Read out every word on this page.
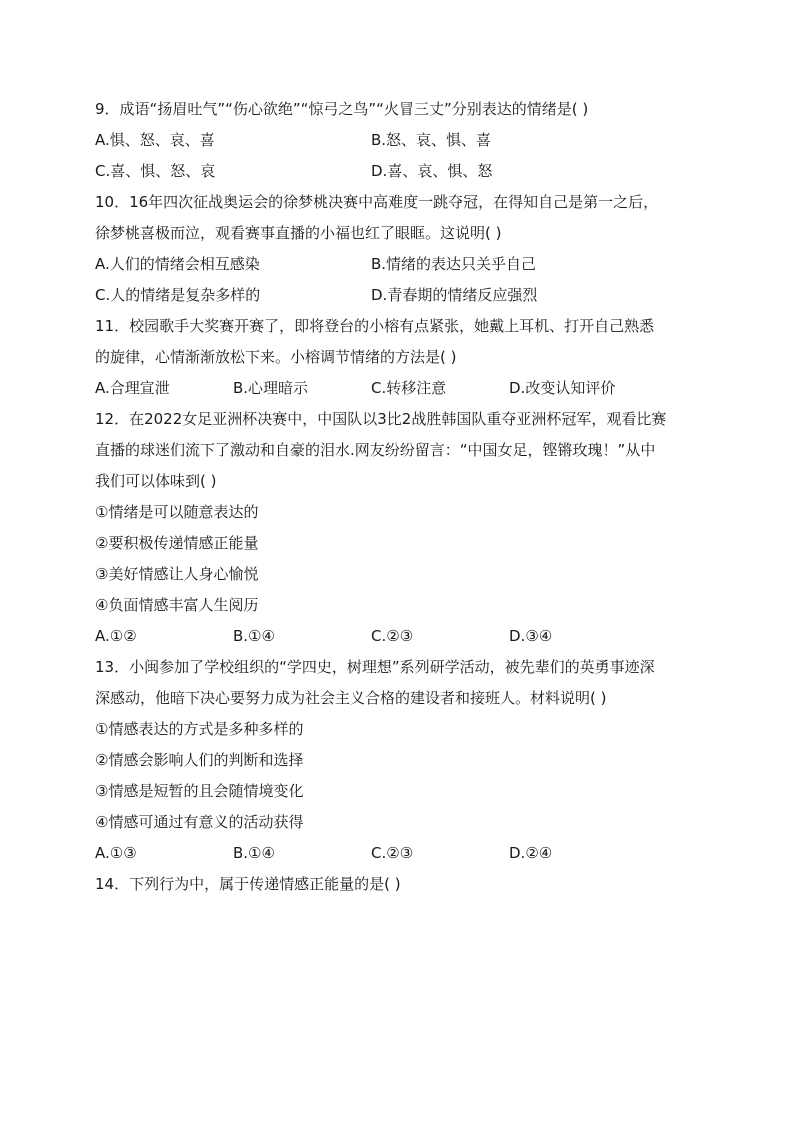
9．成语“扬眉吐气”“伤心欲绝”“惊弓之鸟”“火冒三丈”分别表达的情绪是( )
A.惧、怒、哀、喜	B.怒、哀、惧、喜
C.喜、惧、怒、哀	D.喜、哀、惧、怒
10．16年四次征战奥运会的徐梦桃决赛中高难度一跳夺冠，在得知自己是第一之后，
徐梦桃喜极而泣，观看赛事直播的小福也红了眼眶。这说明( )
A.人们的情绪会相互感染	B.情绪的表达只关乎自己
C.人的情绪是复杂多样的	D.青春期的情绪反应强烈
11．校园歌手大奖赛开赛了，即将登台的小榕有点紧张，她戴上耳机、打开自己熟悉
的旋律，心情渐渐放松下来。小榕调节情绪的方法是( )
A.合理宣泄	B.心理暗示	C.转移注意	D.改变认知评价
12．在2022女足亚洲杯决赛中，中国队以3比2战胜韩国队重夺亚洲杯冠军，观看比赛
直播的球迷们流下了激动和自豪的泪水.网友纷纷留言：“中国女足，铿锵玫瑰！”从中
我们可以体味到( )
①情绪是可以随意表达的
②要积极传递情感正能量
③美好情感让人身心愉悦
④负面情感丰富人生阅历
A.①②	B.①④	C.②③	D.③④
13．小闽参加了学校组织的“学四史，树理想”系列研学活动，被先辈们的英勇事迹深
深感动，他暗下决心要努力成为社会主义合格的建设者和接班人。材料说明( )
①情感表达的方式是多种多样的
②情感会影响人们的判断和选择
③情感是短暂的且会随情境变化
④情感可通过有意义的活动获得
A.①③	B.①④	C.②③	D.②④
14．下列行为中，属于传递情感正能量的是( )
